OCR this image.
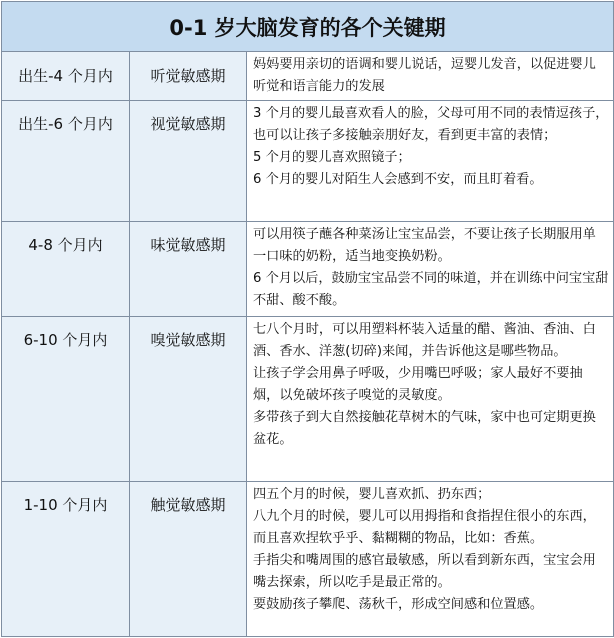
0-1 岁大脑发育的各个关键期		
出生-4 个月内	听觉敏感期	妈妈要用亲切的语调和婴儿说话，逗婴儿发音，以促进婴儿听觉和语言能力的发展

出生-6 个月内	视觉敏感期	3 个月的婴儿最喜欢看人的脸，父母可用不同的表情逗孩子，也可以让孩子多接触亲朋好友，看到更丰富的表情；
5 个月的婴儿喜欢照镜子；
6 个月的婴儿对陌生人会感到不安，而且盯着看。

4-8 个月内	味觉敏感期	可以用筷子蘸各种菜汤让宝宝品尝，不要让孩子长期服用单一口味的奶粉，适当地变换奶粉。
6 个月以后，鼓励宝宝品尝不同的味道，并在训练中问宝宝甜不甜、酸不酸。

6-10 个月内	嗅觉敏感期	七八个月时，可以用塑料杯装入适量的醋、酱油、香油、白酒、香水、洋葱(切碎)来闻，并告诉他这是哪些物品。
让孩子学会用鼻子呼吸，少用嘴巴呼吸；家人最好不要抽烟，以免破坏孩子嗅觉的灵敏度。
多带孩子到大自然接触花草树木的气味，家中也可定期更换盆花。

1-10 个月内	触觉敏感期	四五个月的时候，婴儿喜欢抓、扔东西；
八九个月的时候，婴儿可以用拇指和食指捏住很小的东西，而且喜欢捏软乎乎、黏糊糊的物品，比如：香蕉。
手指尖和嘴周围的感官最敏感，所以看到新东西，宝宝会用嘴去探索，所以吃手是最正常的。
要鼓励孩子攀爬、荡秋千，形成空间感和位置感。
